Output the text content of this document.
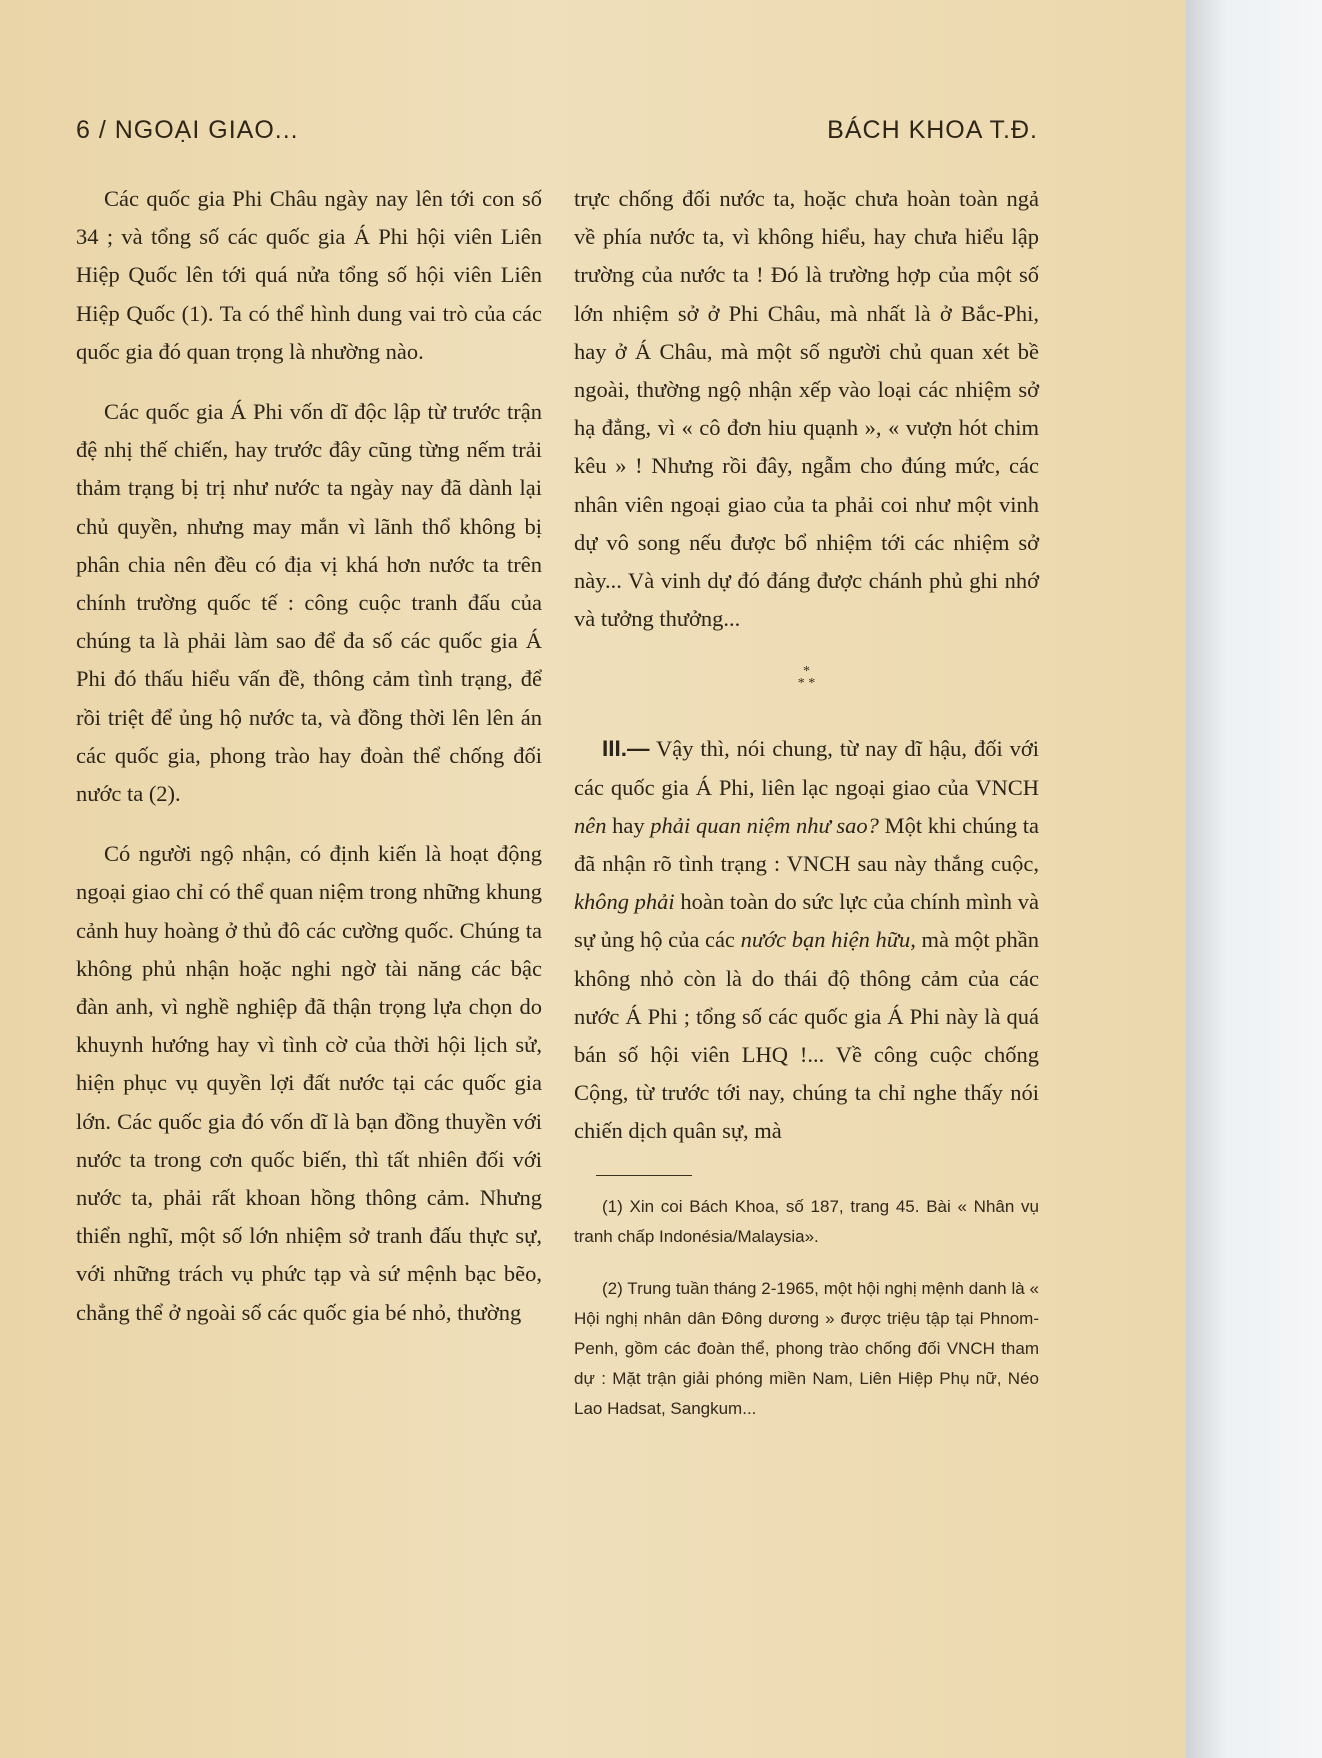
6 / NGOẠI GIAO...	BÁCH KHOA T.Đ.

Các quốc gia Phi Châu ngày nay lên tới con số 34 ; và tổng số các quốc gia Á Phi hội viên Liên Hiệp Quốc lên tới quá nửa tổng số hội viên Liên Hiệp Quốc (1). Ta có thể hình dung vai trò của các quốc gia đó quan trọng là nhường nào.

Các quốc gia Á Phi vốn dĩ độc lập từ trước trận đệ nhị thế chiến, hay trước đây cũng từng nếm trải thảm trạng bị trị như nước ta ngày nay đã dành lại chủ quyền, nhưng may mắn vì lãnh thổ không bị phân chia nên đều có địa vị khá hơn nước ta trên chính trường quốc tế : công cuộc tranh đấu của chúng ta là phải làm sao để đa số các quốc gia Á Phi đó thấu hiểu vấn đề, thông cảm tình trạng, để rồi triệt để ủng hộ nước ta, và đồng thời lên lên án các quốc gia, phong trào hay đoàn thể chống đối nước ta (2).

Có người ngộ nhận, có định kiến là hoạt động ngoại giao chỉ có thể quan niệm trong những khung cảnh huy hoàng ở thủ đô các cường quốc. Chúng ta không phủ nhận hoặc nghi ngờ tài năng các bậc đàn anh, vì nghề nghiệp đã thận trọng lựa chọn do khuynh hướng hay vì tình cờ của thời hội lịch sử, hiện phục vụ quyền lợi đất nước tại các quốc gia lớn. Các quốc gia đó vốn dĩ là bạn đồng thuyền với nước ta trong cơn quốc biến, thì tất nhiên đối với nước ta, phải rất khoan hồng thông cảm. Nhưng thiển nghĩ, một số lớn nhiệm sở tranh đấu thực sự, với những trách vụ phức tạp và sứ mệnh bạc bẽo, chẳng thể ở ngoài số các quốc gia bé nhỏ, thường

trực chống đối nước ta, hoặc chưa hoàn toàn ngả về phía nước ta, vì không hiểu, hay chưa hiểu lập trường của nước ta ! Đó là trường hợp của một số lớn nhiệm sở ở Phi Châu, mà nhất là ở Bắc-Phi, hay ở Á Châu, mà một số người chủ quan xét bề ngoài, thường ngộ nhận xếp vào loại các nhiệm sở hạ đẳng, vì « cô đơn hiu quạnh », « vượn hót chim kêu » ! Nhưng rồi đây, ngẫm cho đúng mức, các nhân viên ngoại giao của ta phải coi như một vinh dự vô song nếu được bổ nhiệm tới các nhiệm sở này... Và vinh dự đó đáng được chánh phủ ghi nhớ và tưởng thưởng...

*
* *

III.— Vậy thì, nói chung, từ nay dĩ hậu, đối với các quốc gia Á Phi, liên lạc ngoại giao của VNCH nên hay phải quan niệm như sao? Một khi chúng ta đã nhận rõ tình trạng : VNCH sau này thắng cuộc, không phải hoàn toàn do sức lực của chính mình và sự ủng hộ của các nước bạn hiện hữu, mà một phần không nhỏ còn là do thái độ thông cảm của các nước Á Phi ; tổng số các quốc gia Á Phi này là quá bán số hội viên LHQ !... Về công cuộc chống Cộng, từ trước tới nay, chúng ta chỉ nghe thấy nói chiến dịch quân sự, mà

(1) Xin coi Bách Khoa, số 187, trang 45. Bài « Nhân vụ tranh chấp Indonésia/Malaysia».

(2) Trung tuần tháng 2-1965, một hội nghị mệnh danh là « Hội nghị nhân dân Đông dương » được triệu tập tại Phnom-Penh, gồm các đoàn thể, phong trào chống đối VNCH tham dự : Mặt trận giải phóng miền Nam, Liên Hiệp Phụ nữ, Néo Lao Hadsat, Sangkum...
